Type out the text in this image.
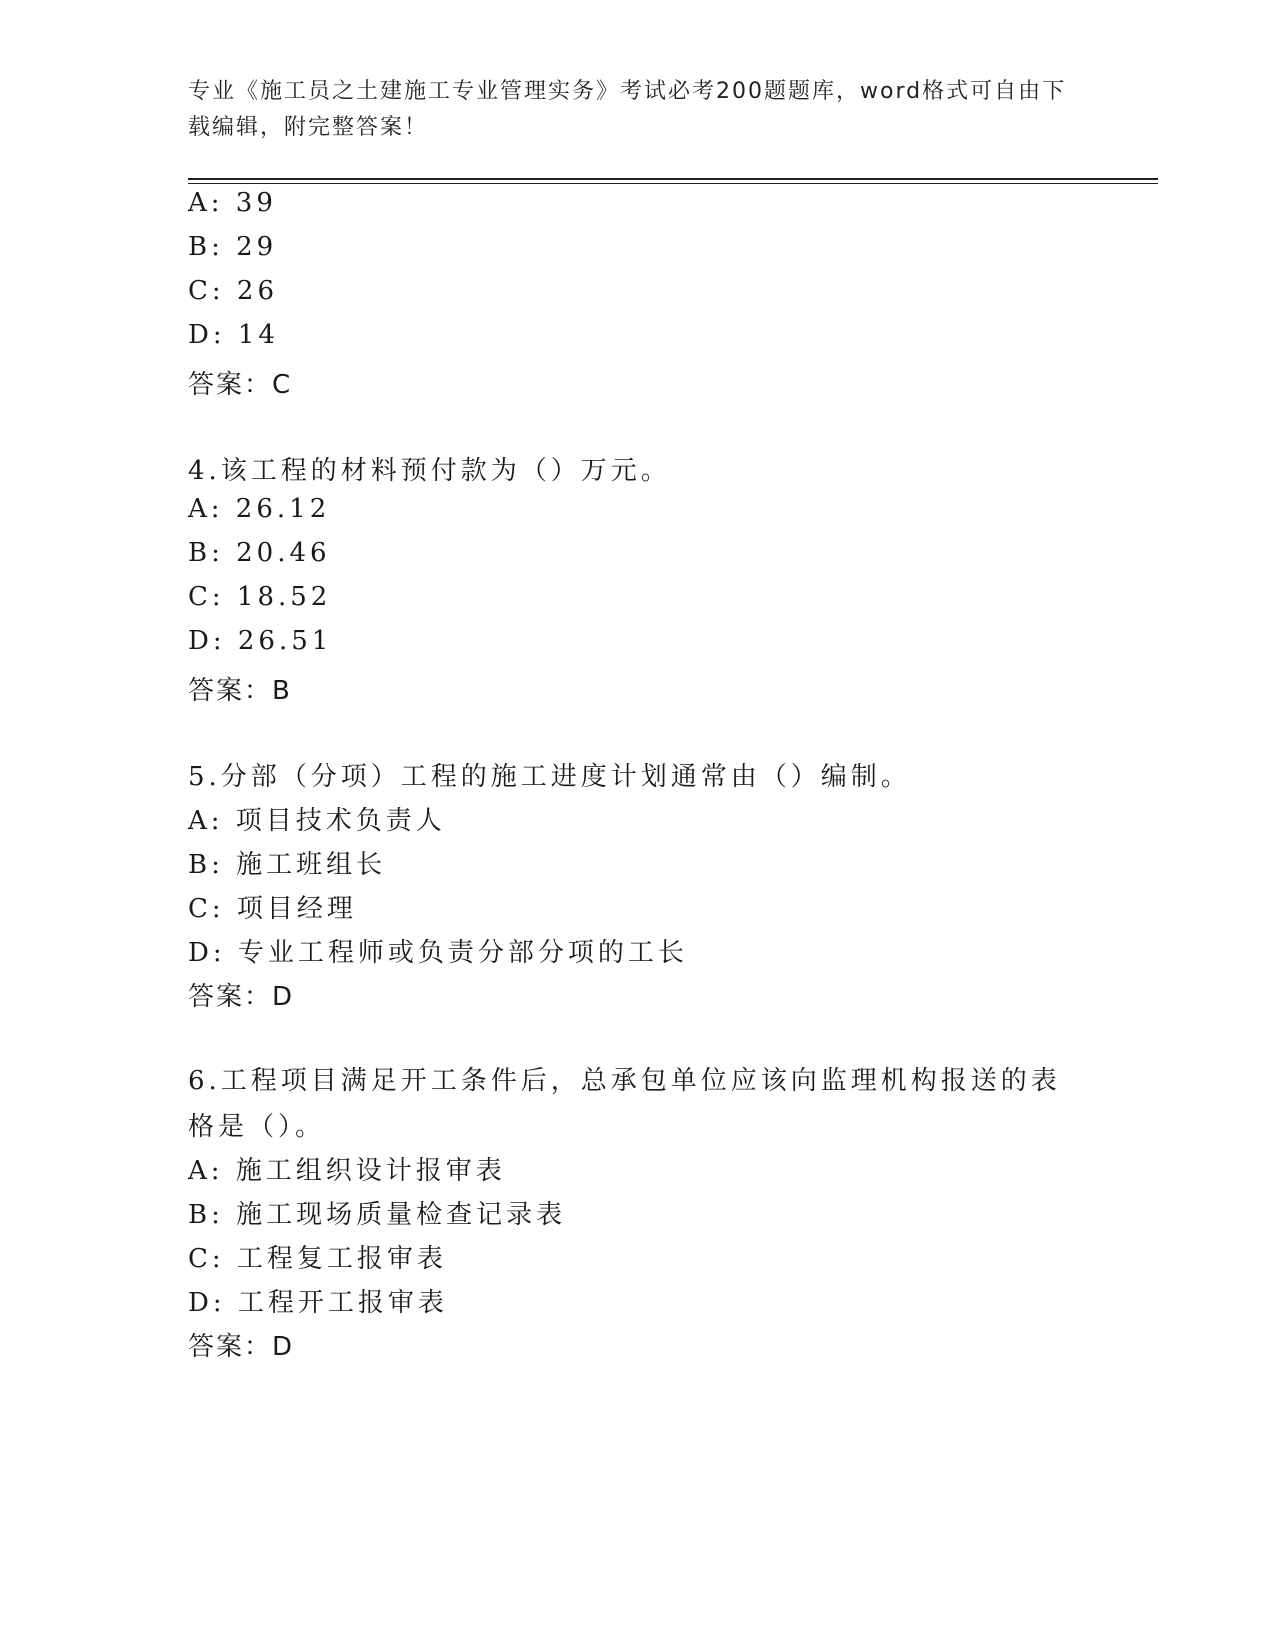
专业《施工员之土建施工专业管理实务》考试必考200题题库，word格式可自由下载编辑，附完整答案！
A: 39
B: 29
C: 26
D: 14
答案：C
4.该工程的材料预付款为（）万元。
A: 26.12
B: 20.46
C: 18.52
D: 26.51
答案：B
5.分部（分项）工程的施工进度计划通常由（）编制。
A: 项目技术负责人
B: 施工班组长
C: 项目经理
D: 专业工程师或负责分部分项的工长
答案：D
6.工程项目满足开工条件后，总承包单位应该向监理机构报送的表格是（）。
A: 施工组织设计报审表
B: 施工现场质量检查记录表
C: 工程复工报审表
D: 工程开工报审表
答案：D
